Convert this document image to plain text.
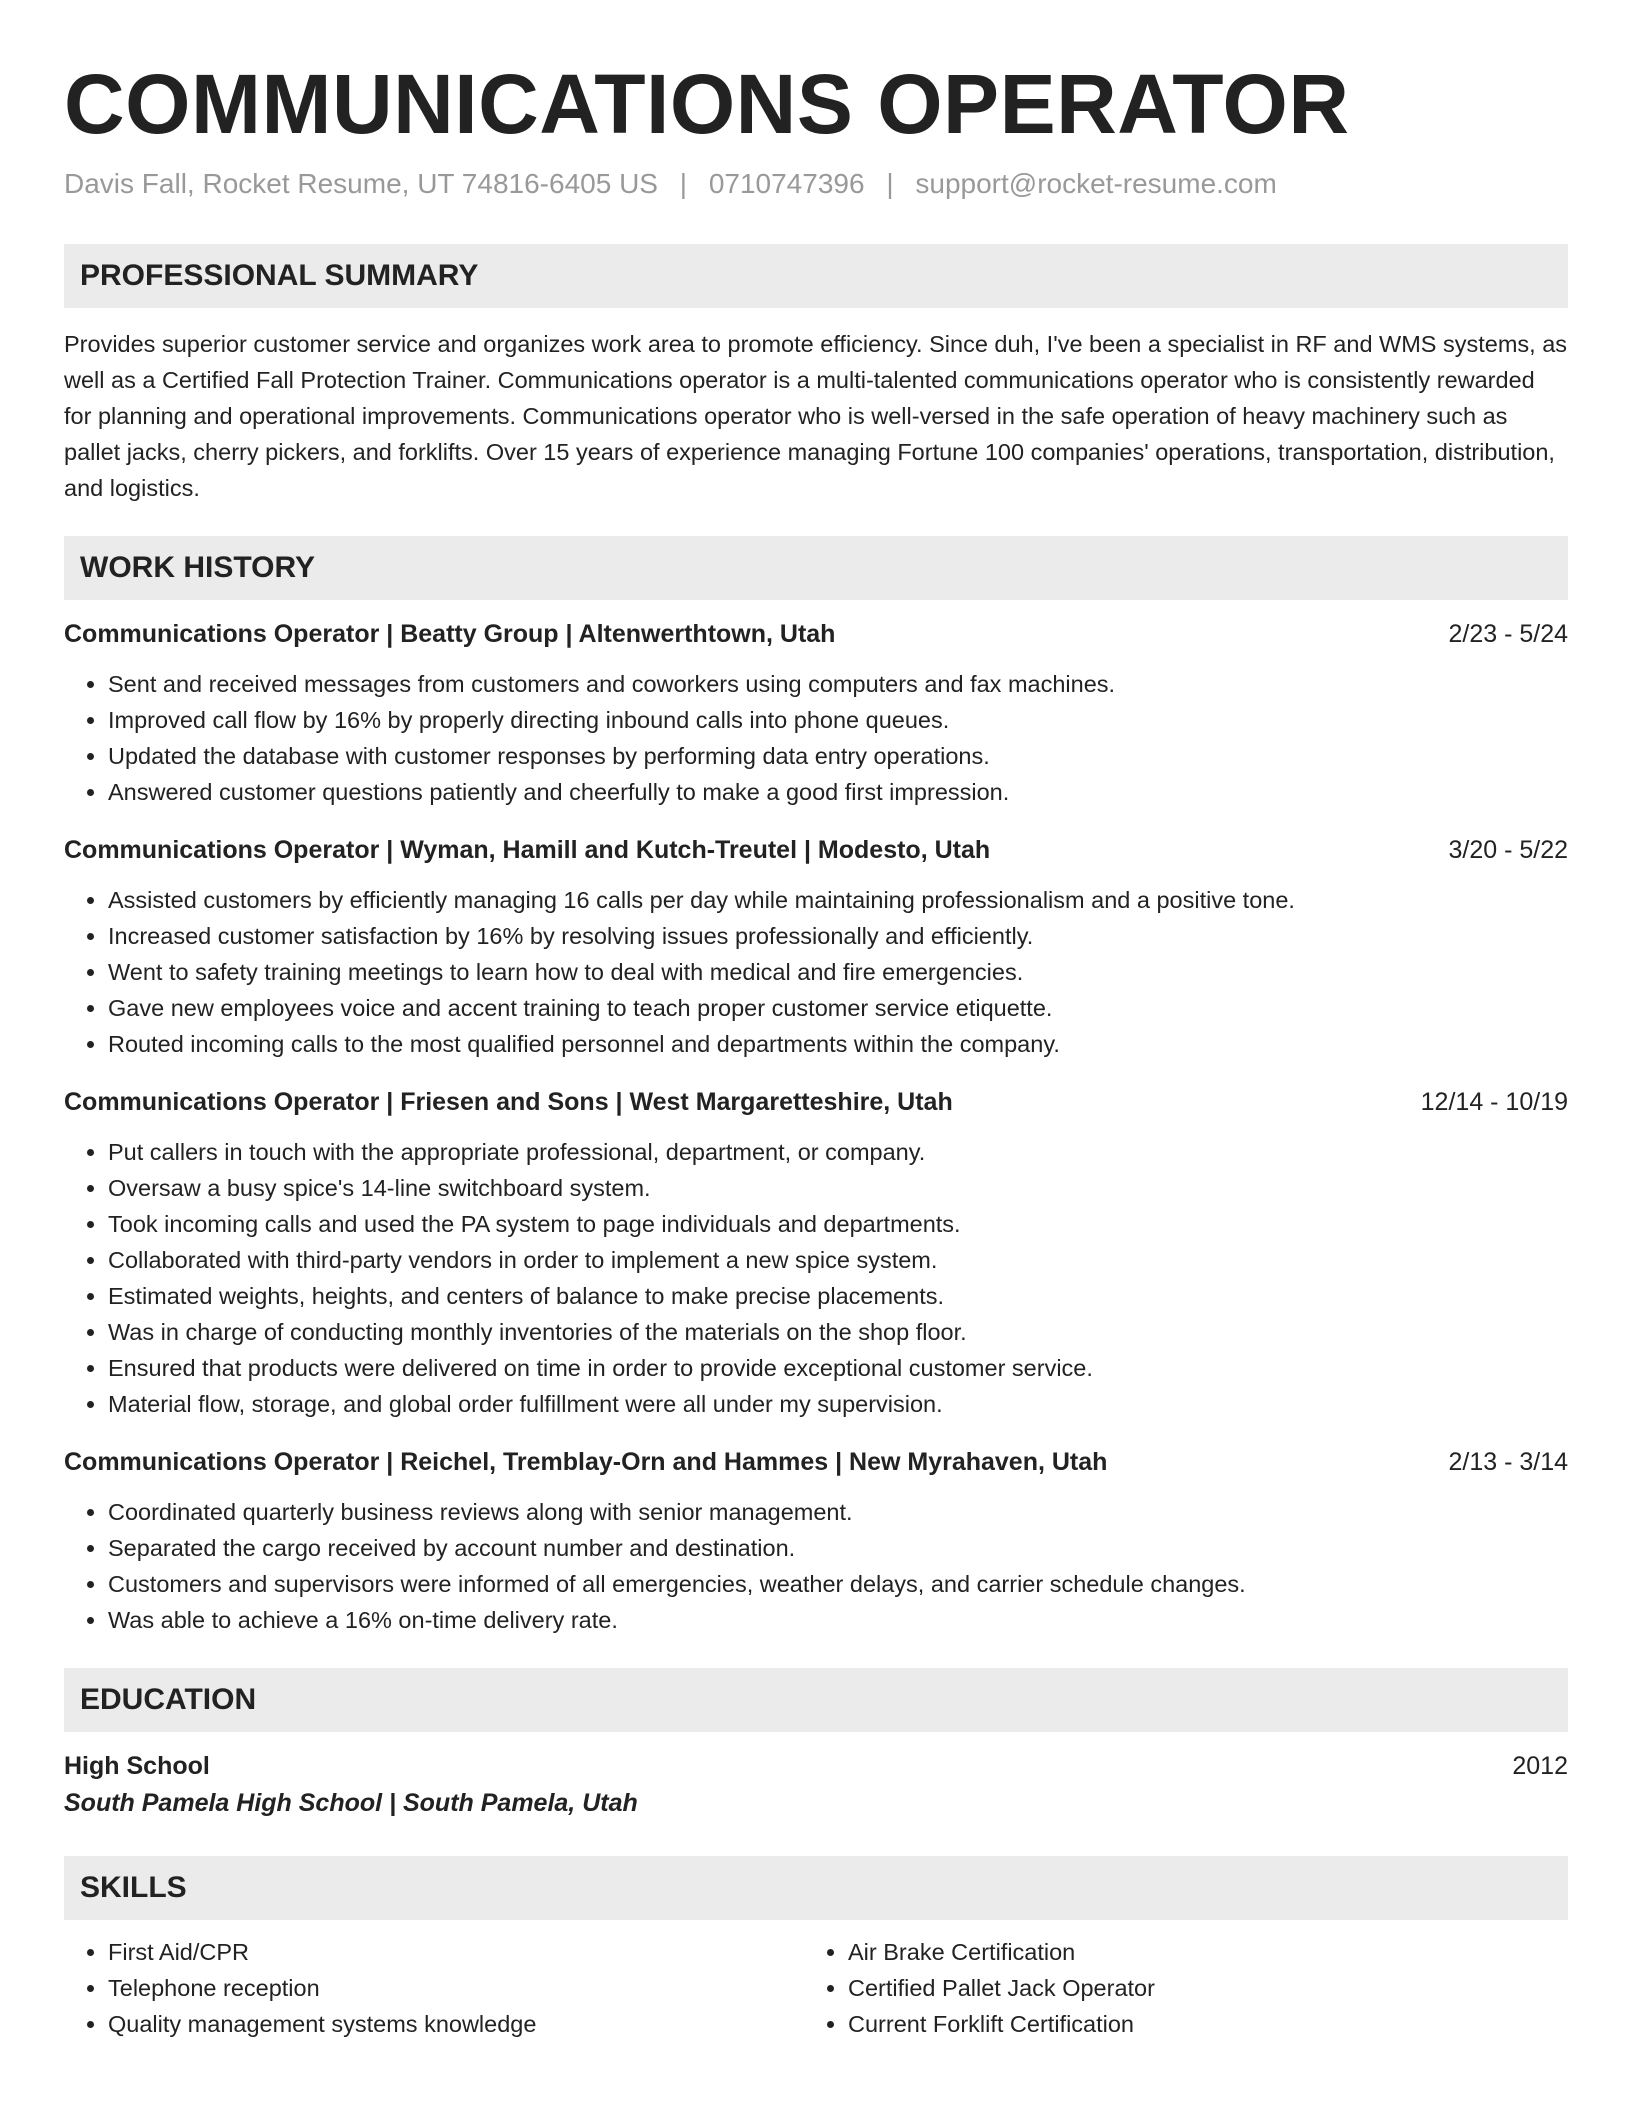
COMMUNICATIONS OPERATOR
Davis Fall, Rocket Resume, UT 74816-6405 US | 0710747396 | support@rocket-resume.com
PROFESSIONAL SUMMARY

Provides superior customer service and organizes work area to promote efficiency. Since duh, I've been a specialist in RF and WMS systems, as well as a Certified Fall Protection Trainer. Communications operator is a multi-talented communications operator who is consistently rewarded for planning and operational improvements. Communications operator who is well-versed in the safe operation of heavy machinery such as pallet jacks, cherry pickers, and forklifts. Over 15 years of experience managing Fortune 100 companies' operations, transportation, distribution, and logistics.

WORK HISTORY
Communications Operator | Beatty Group | Altenwerthtown, Utah	2/23 - 5/24
• Sent and received messages from customers and coworkers using computers and fax machines.
• Improved call flow by 16% by properly directing inbound calls into phone queues.
• Updated the database with customer responses by performing data entry operations.
• Answered customer questions patiently and cheerfully to make a good first impression.
Communications Operator | Wyman, Hamill and Kutch-Treutel | Modesto, Utah	3/20 - 5/22
• Assisted customers by efficiently managing 16 calls per day while maintaining professionalism and a positive tone.
• Increased customer satisfaction by 16% by resolving issues professionally and efficiently.
• Went to safety training meetings to learn how to deal with medical and fire emergencies.
• Gave new employees voice and accent training to teach proper customer service etiquette.
• Routed incoming calls to the most qualified personnel and departments within the company.
Communications Operator | Friesen and Sons | West Margaretteshire, Utah	12/14 - 10/19
• Put callers in touch with the appropriate professional, department, or company.
• Oversaw a busy spice's 14-line switchboard system.
• Took incoming calls and used the PA system to page individuals and departments.
• Collaborated with third-party vendors in order to implement a new spice system.
• Estimated weights, heights, and centers of balance to make precise placements.
• Was in charge of conducting monthly inventories of the materials on the shop floor.
• Ensured that products were delivered on time in order to provide exceptional customer service.
• Material flow, storage, and global order fulfillment were all under my supervision.
Communications Operator | Reichel, Tremblay-Orn and Hammes | New Myrahaven, Utah	2/13 - 3/14
• Coordinated quarterly business reviews along with senior management.
• Separated the cargo received by account number and destination.
• Customers and supervisors were informed of all emergencies, weather delays, and carrier schedule changes.
• Was able to achieve a 16% on-time delivery rate.
EDUCATION
High School	2012
South Pamela High School | South Pamela, Utah
SKILLS
• First Aid/CPR
• Telephone reception
• Quality management systems knowledge
• Air Brake Certification
• Certified Pallet Jack Operator
• Current Forklift Certification
